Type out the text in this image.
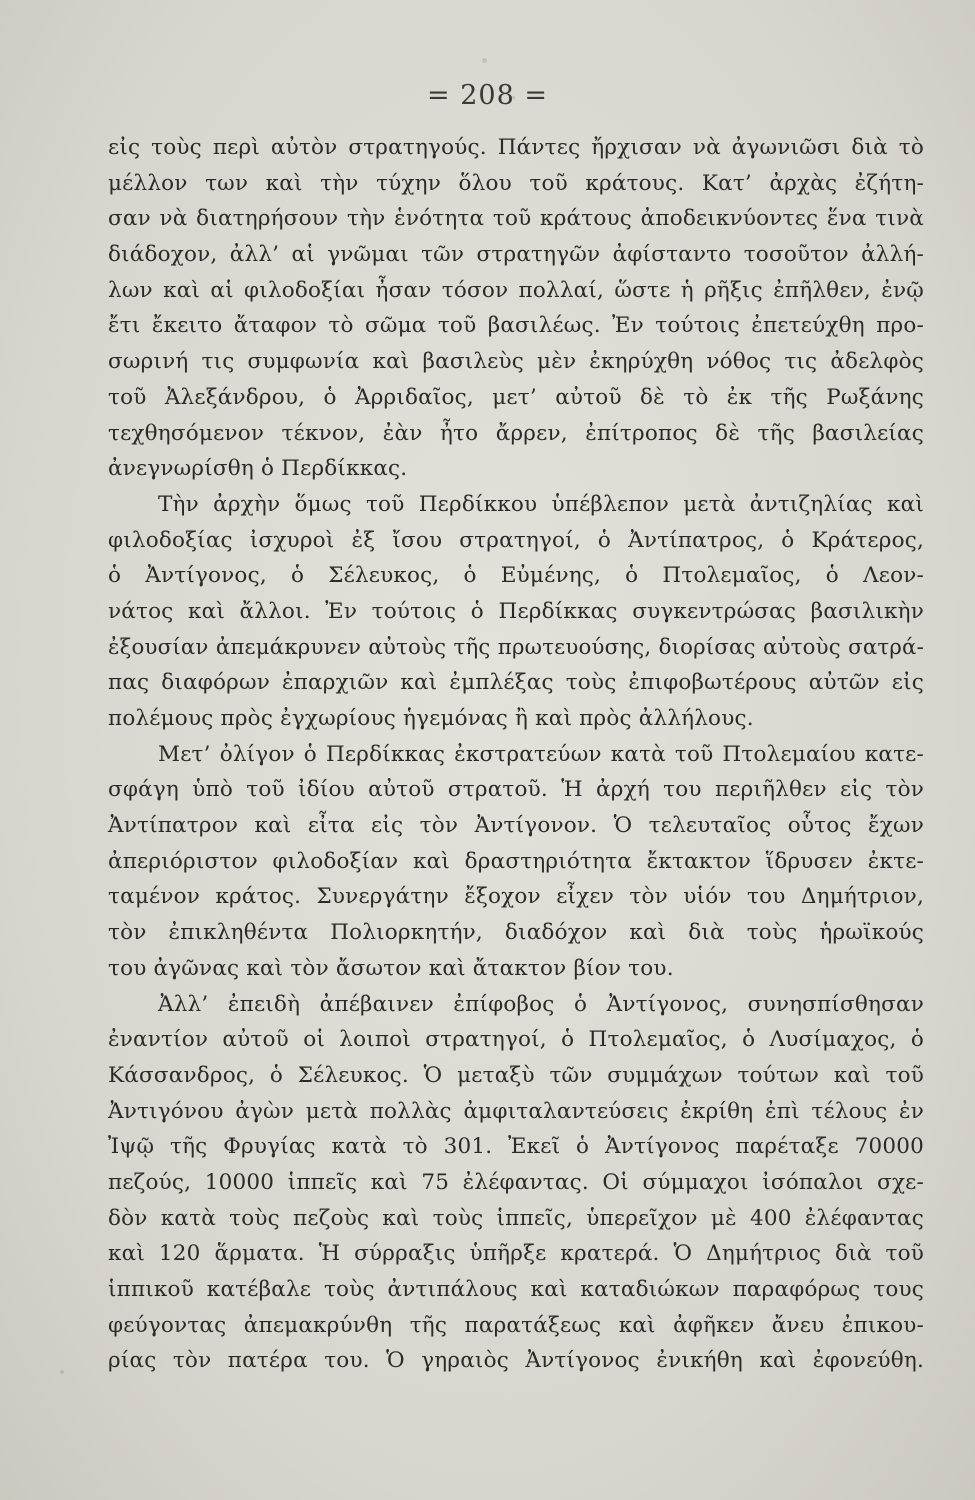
= 208 =
εἰς τοὺς περὶ αὐτὸν στρατηγούς. Πάντες ἤρχισαν νὰ ἀγωνιῶσι διὰ τὸ
μέλλον των καὶ τὴν τύχην ὅλου τοῦ κράτους. Κατ’ ἀρχὰς ἐζήτη-
σαν νὰ διατηρήσουν τὴν ἑνότητα τοῦ κράτους ἀποδεικνύοντες ἕνα τινὰ
διάδοχον, ἀλλ’ αἱ γνῶμαι τῶν στρατηγῶν ἀφίσταντο τοσοῦτον ἀλλή-
λων καὶ αἱ φιλοδοξίαι ἦσαν τόσον πολλαί, ὥστε ἡ ρῆξις ἐπῆλθεν, ἐνῷ
ἔτι ἔκειτο ἄταφον τὸ σῶμα τοῦ βασιλέως. Ἐν τούτοις ἐπετεύχθη προ-
σωρινή τις συμφωνία καὶ βασιλεὺς μὲν ἐκηρύχθη νόθος τις ἀδελφὸς
τοῦ Ἀλεξάνδρου, ὁ Ἀρριδαῖος, μετ’ αὐτοῦ δὲ τὸ ἐκ τῆς Ρωξάνης
τεχθησόμενον τέκνον, ἐὰν ἦτο ἄρρεν, ἐπίτροπος δὲ τῆς βασιλείας
ἀνεγνωρίσθη ὁ Περδίκκας.
Τὴν ἀρχὴν ὅμως τοῦ Περδίκκου ὑπέβλεπον μετὰ ἀντιζηλίας καὶ
φιλοδοξίας ἰσχυροὶ ἐξ ἴσου στρατηγοί, ὁ Ἀντίπατρος, ὁ Κράτερος,
ὁ Ἀντίγονος, ὁ Σέλευκος, ὁ Εὐμένης, ὁ Πτολεμαῖος, ὁ Λεον-
νάτος καὶ ἄλλοι. Ἐν τούτοις ὁ Περδίκκας συγκεντρώσας βασιλικὴν
ἐξουσίαν ἀπεμάκρυνεν αὐτοὺς τῆς πρωτευούσης, διορίσας αὐτοὺς σατρά-
πας διαφόρων ἐπαρχιῶν καὶ ἐμπλέξας τοὺς ἐπιφοβωτέρους αὐτῶν εἰς
πολέμους πρὸς ἐγχωρίους ἡγεμόνας ἢ καὶ πρὸς ἀλλήλους.
Μετ’ ὀλίγον ὁ Περδίκκας ἐκστρατεύων κατὰ τοῦ Πτολεμαίου κατε-
σφάγη ὑπὸ τοῦ ἰδίου αὐτοῦ στρατοῦ. Ἡ ἀρχή του περιῆλθεν εἰς τὸν
Ἀντίπατρον καὶ εἶτα εἰς τὸν Ἀντίγονον. Ὁ τελευταῖος οὗτος ἔχων
ἀπεριόριστον φιλοδοξίαν καὶ δραστηριότητα ἔκτακτον ἵδρυσεν ἐκτε-
ταμένον κράτος. Συνεργάτην ἔξοχον εἶχεν τὸν υἱόν του Δημήτριον,
τὸν ἐπικληθέντα Πολιορκητήν, διαδόχον καὶ διὰ τοὺς ἡρωϊκούς
του ἀγῶνας καὶ τὸν ἄσωτον καὶ ἄτακτον βίον του.
Ἀλλ’ ἐπειδὴ ἀπέβαινεν ἐπίφοβος ὁ Ἀντίγονος, συνησπίσθησαν
ἐναντίον αὐτοῦ οἱ λοιποὶ στρατηγοί, ὁ Πτολεμαῖος, ὁ Λυσίμαχος, ὁ
Κάσσανδρος, ὁ Σέλευκος. Ὁ μεταξὺ τῶν συμμάχων τούτων καὶ τοῦ
Ἀντιγόνου ἀγὼν μετὰ πολλὰς ἀμφιταλαντεύσεις ἐκρίθη ἐπὶ τέλους ἐν
Ἰψῷ τῆς Φρυγίας κατὰ τὸ 301. Ἐκεῖ ὁ Ἀντίγονος παρέταξε 70000
πεζούς, 10000 ἱππεῖς καὶ 75 ἐλέφαντας. Οἱ σύμμαχοι ἰσόπαλοι σχε-
δὸν κατὰ τοὺς πεζοὺς καὶ τοὺς ἱππεῖς, ὑπερεῖχον μὲ 400 ἐλέφαντας
καὶ 120 ἅρματα. Ἡ σύρραξις ὑπῆρξε κρατερά. Ὁ Δημήτριος διὰ τοῦ
ἱππικοῦ κατέβαλε τοὺς ἀντιπάλους καὶ καταδιώκων παραφόρως τους
φεύγοντας ἀπεμακρύνθη τῆς παρατάξεως καὶ ἀφῆκεν ἄνευ ἐπικου-
ρίας τὸν πατέρα του. Ὁ γηραιὸς Ἀντίγονος ἐνικήθη καὶ ἐφονεύθη.
